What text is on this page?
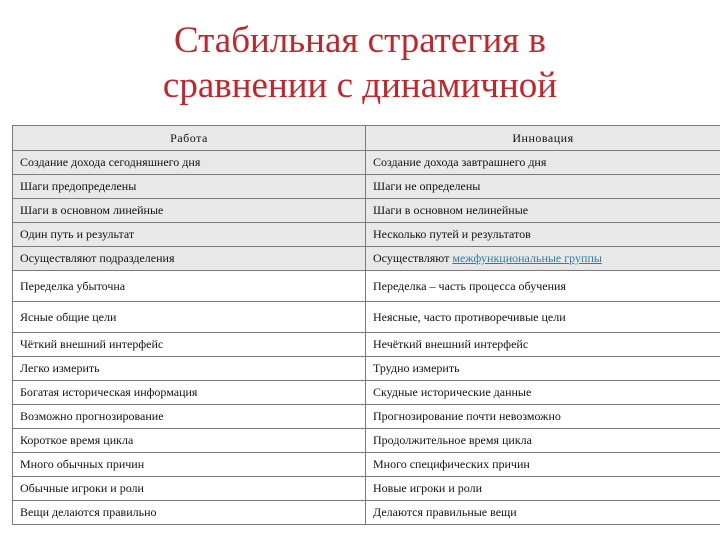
Стабильная стратегия в
сравнении с динамичной
Работа	Инновация
Создание дохода сегодняшнего дня	Создание дохода завтрашнего дня
Шаги предопределены	Шаги не определены
Шаги в основном линейные	Шаги в основном нелинейные
Один путь и результат	Несколько путей и результатов
Осуществляют подразделения	Осуществляют межфункциональные группы
Переделка убыточна	Переделка – часть процесса обучения
Ясные общие цели	Неясные, часто противоречивые цели
Чёткий внешний интерфейс	Нечёткий внешний интерфейс
Легко измерить	Трудно измерить
Богатая историческая информация	Скудные исторические данные
Возможно прогнозирование	Прогнозирование почти невозможно
Короткое время цикла	Продолжительное время цикла
Много обычных причин	Много специфических причин
Обычные игроки и роли	Новые игроки и роли
Вещи делаются правильно	Делаются правильные вещи
